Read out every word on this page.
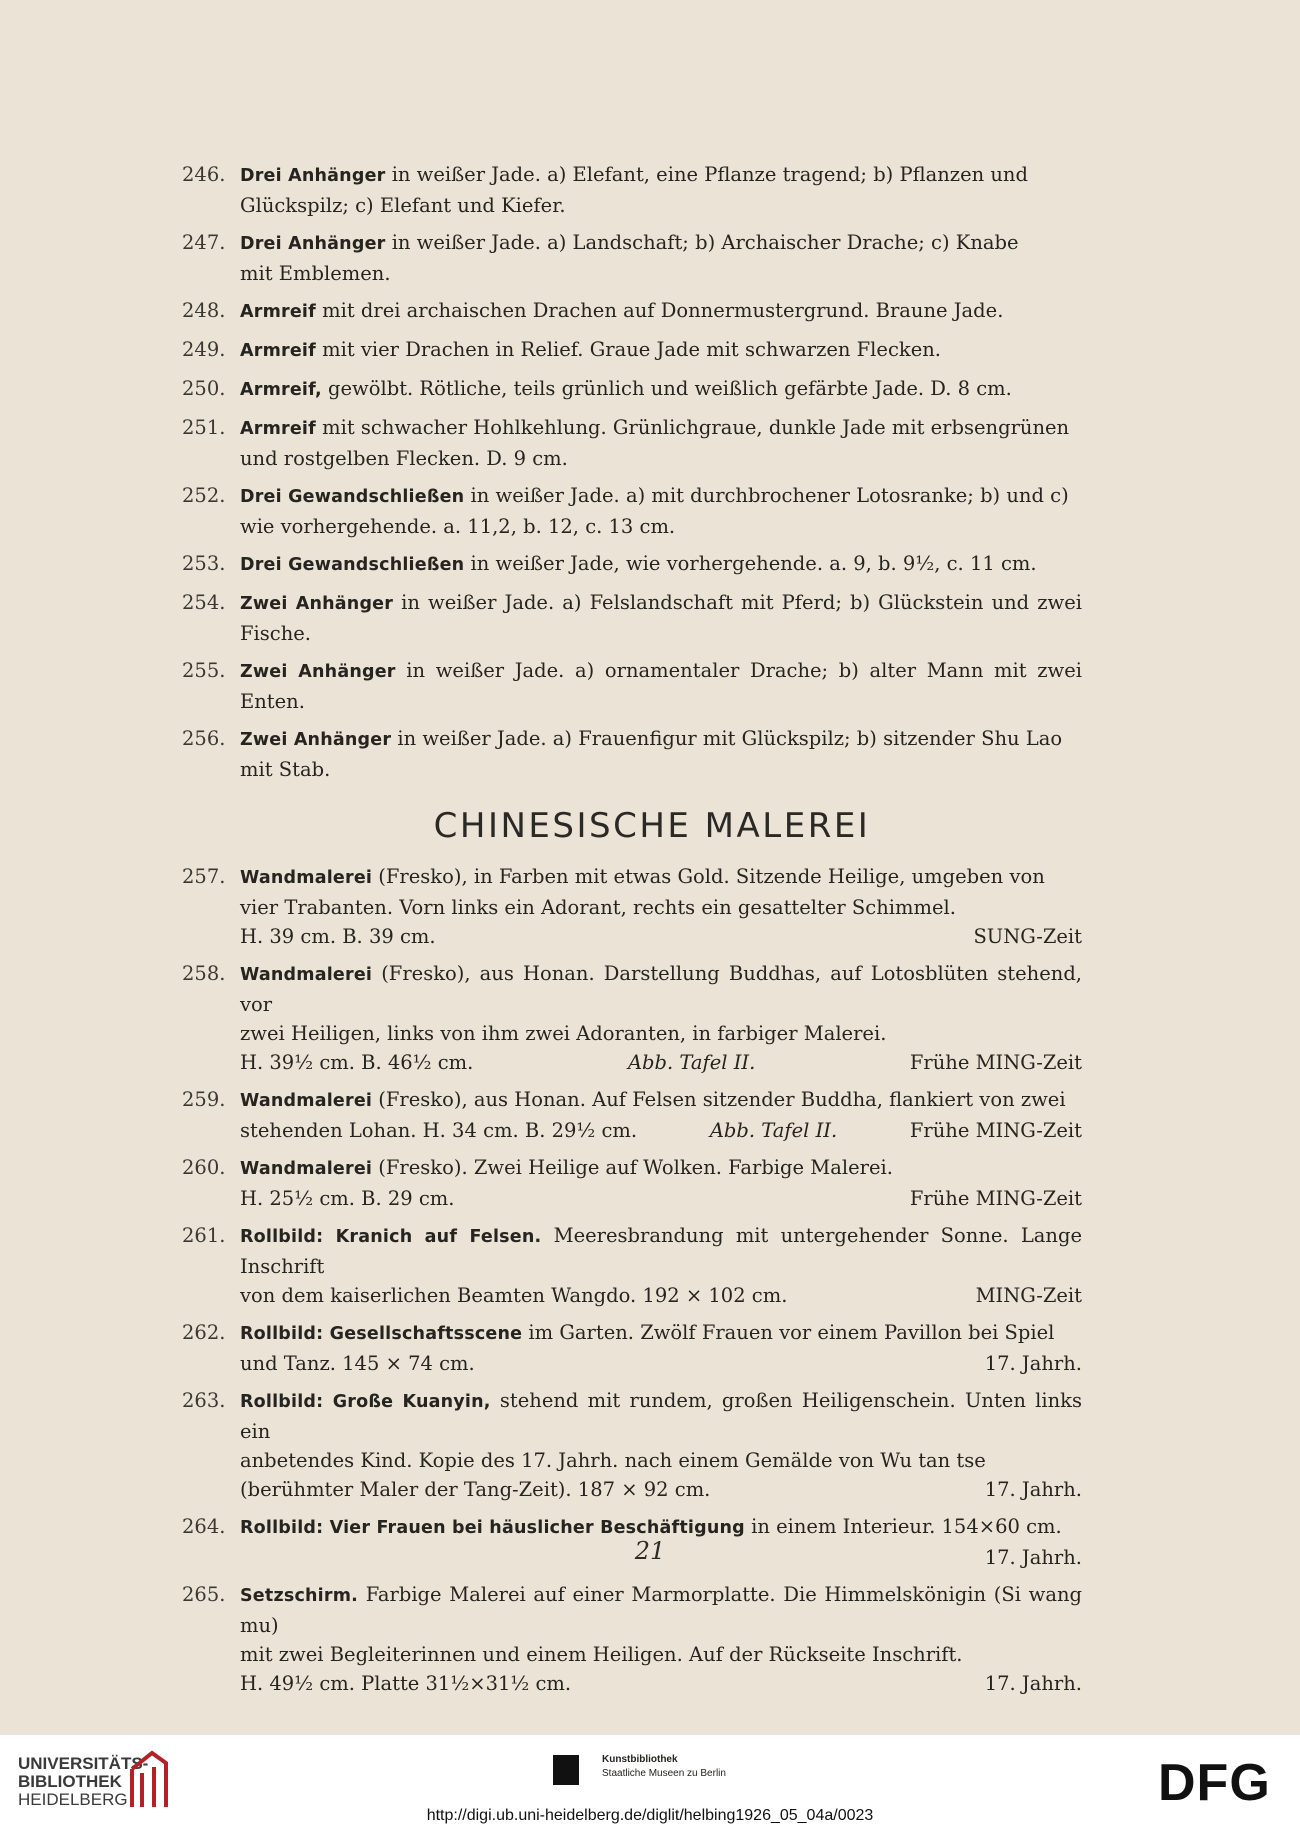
246. Drei Anhänger in weißer Jade. a) Elefant, eine Pflanze tragend; b) Pflanzen und
Glückspilz; c) Elefant und Kiefer.
247. Drei Anhänger in weißer Jade. a) Landschaft; b) Archaischer Drache; c) Knabe
mit Emblemen.
248. Armreif mit drei archaischen Drachen auf Donnermustergrund. Braune Jade.
249. Armreif mit vier Drachen in Relief. Graue Jade mit schwarzen Flecken.
250. Armreif, gewölbt. Rötliche, teils grünlich und weißlich gefärbte Jade. D. 8 cm.
251. Armreif mit schwacher Hohlkehlung. Grünlichgraue, dunkle Jade mit erbsengrünen
und rostgelben Flecken. D. 9 cm.
252. Drei Gewandschließen in weißer Jade. a) mit durchbrochener Lotosranke; b) und c)
wie vorhergehende. a. 11,2, b. 12, c. 13 cm.
253. Drei Gewandschließen in weißer Jade, wie vorhergehende. a. 9, b. 9½, c. 11 cm.
254. Zwei Anhänger in weißer Jade. a) Felslandschaft mit Pferd; b) Glückstein und zwei Fische.
255. Zwei Anhänger in weißer Jade. a) ornamentaler Drache; b) alter Mann mit zwei Enten.
256. Zwei Anhänger in weißer Jade. a) Frauenfigur mit Glückspilz; b) sitzender Shu Lao
mit Stab.
CHINESISCHE MALEREI
257. Wandmalerei (Fresko), in Farben mit etwas Gold. Sitzende Heilige, umgeben von
vier Trabanten. Vorn links ein Adorant, rechts ein gesattelter Schimmel.
H. 39 cm. B. 39 cm.	SUNG-Zeit
258. Wandmalerei (Fresko), aus Honan. Darstellung Buddhas, auf Lotosblüten stehend, vor
zwei Heiligen, links von ihm zwei Adoranten, in farbiger Malerei.
H. 39½ cm. B. 46½ cm.	Abb. Tafel II.	Frühe MING-Zeit
259. Wandmalerei (Fresko), aus Honan. Auf Felsen sitzender Buddha, flankiert von zwei
stehenden Lohan. H. 34 cm. B. 29½ cm.	Abb. Tafel II.	Frühe MING-Zeit
260. Wandmalerei (Fresko). Zwei Heilige auf Wolken. Farbige Malerei.
H. 25½ cm. B. 29 cm.	Frühe MING-Zeit
261. Rollbild: Kranich auf Felsen. Meeresbrandung mit untergehender Sonne. Lange Inschrift
von dem kaiserlichen Beamten Wangdo. 192 × 102 cm.	MING-Zeit
262. Rollbild: Gesellschaftsscene im Garten. Zwölf Frauen vor einem Pavillon bei Spiel
und Tanz. 145 × 74 cm.	17. Jahrh.
263. Rollbild: Große Kuanyin, stehend mit rundem, großen Heiligenschein. Unten links ein
anbetendes Kind. Kopie des 17. Jahrh. nach einem Gemälde von Wu tan tse
(berühmter Maler der Tang-Zeit). 187 × 92 cm.	17. Jahrh.
264. Rollbild: Vier Frauen bei häuslicher Beschäftigung in einem Interieur. 154×60 cm.
17. Jahrh.
265. Setzschirm. Farbige Malerei auf einer Marmorplatte. Die Himmelskönigin (Si wang mu)
mit zwei Begleiterinnen und einem Heiligen. Auf der Rückseite Inschrift.
H. 49½ cm. Platte 31½×31½ cm.	17. Jahrh.
21
UNIVERSITÄTS-
BIBLIOTHEK
HEIDELBERG
Kunstbibliothek
Staatliche Museen zu Berlin	DFG
http://digi.ub.uni-heidelberg.de/diglit/helbing1926_05_04a/0023
